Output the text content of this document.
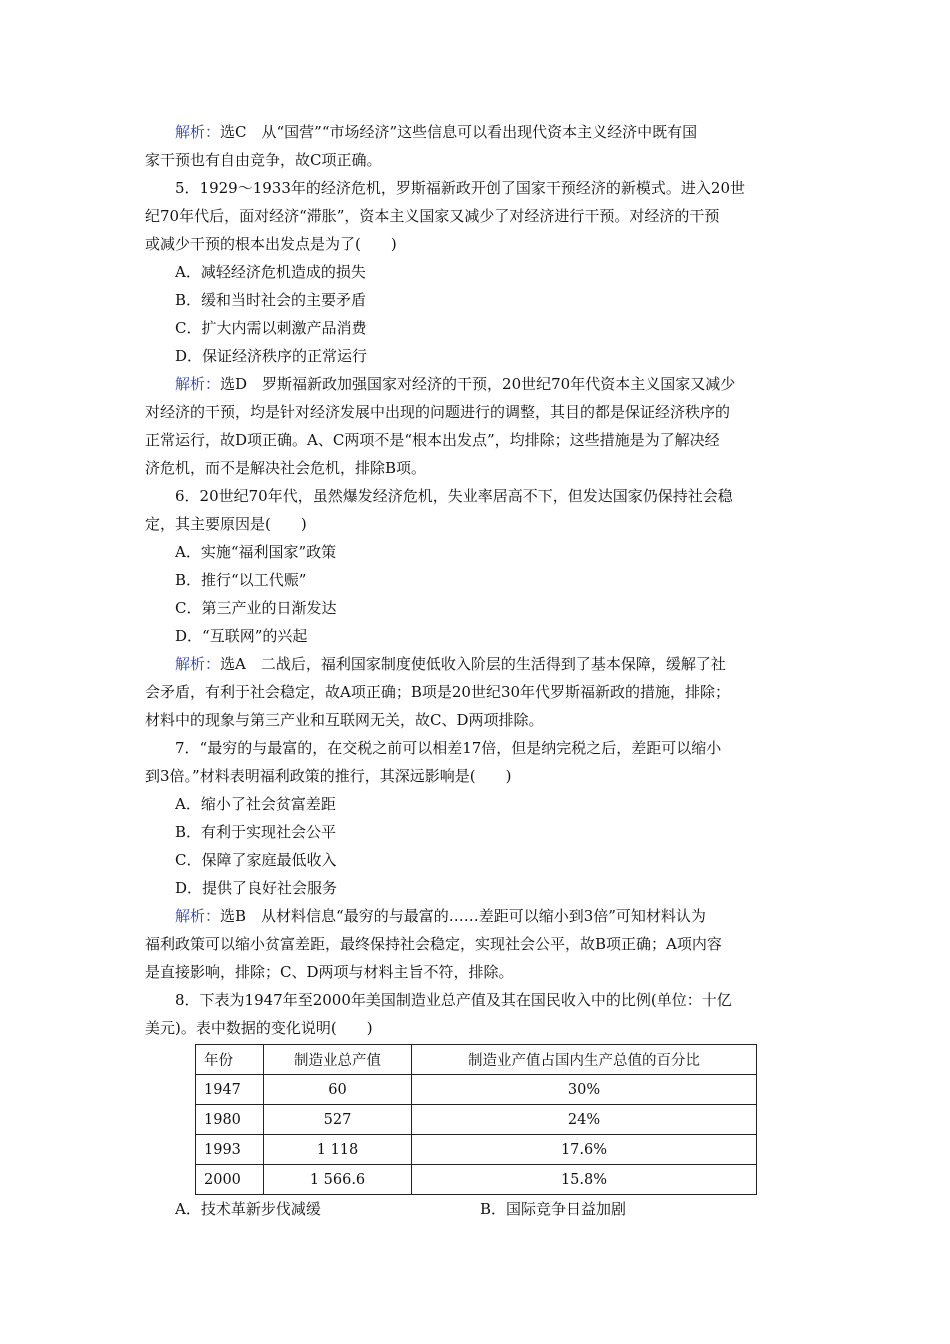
解析：选C　从“国营”“市场经济”这些信息可以看出现代资本主义经济中既有国
家干预也有自由竞争，故C项正确。
5．1929～1933年的经济危机，罗斯福新政开创了国家干预经济的新模式。进入20世
纪70年代后，面对经济“滞胀”，资本主义国家又减少了对经济进行干预。对经济的干预
或减少干预的根本出发点是为了(　　)
A．减轻经济危机造成的损失
B．缓和当时社会的主要矛盾
C．扩大内需以刺激产品消费
D．保证经济秩序的正常运行
解析：选D　罗斯福新政加强国家对经济的干预，20世纪70年代资本主义国家又减少
对经济的干预，均是针对经济发展中出现的问题进行的调整，其目的都是保证经济秩序的
正常运行，故D项正确。A、C两项不是“根本出发点”，均排除；这些措施是为了解决经
济危机，而不是解决社会危机，排除B项。
6．20世纪70年代，虽然爆发经济危机，失业率居高不下，但发达国家仍保持社会稳
定，其主要原因是(　　)
A．实施“福利国家”政策
B．推行“以工代赈”
C．第三产业的日渐发达
D．“互联网”的兴起
解析：选A　二战后，福利国家制度使低收入阶层的生活得到了基本保障，缓解了社
会矛盾，有利于社会稳定，故A项正确；B项是20世纪30年代罗斯福新政的措施，排除；
材料中的现象与第三产业和互联网无关，故C、D两项排除。
7．“最穷的与最富的，在交税之前可以相差17倍，但是纳完税之后，差距可以缩小
到3倍。”材料表明福利政策的推行，其深远影响是(　　)
A．缩小了社会贫富差距
B．有利于实现社会公平
C．保障了家庭最低收入
D．提供了良好社会服务
解析：选B　从材料信息“最穷的与最富的……差距可以缩小到3倍”可知材料认为
福利政策可以缩小贫富差距，最终保持社会稳定，实现社会公平，故B项正确；A项内容
是直接影响，排除；C、D两项与材料主旨不符，排除。
8．下表为1947年至2000年美国制造业总产值及其在国民收入中的比例(单位：十亿
美元)。表中数据的变化说明(　　)
年份	制造业总产值	制造业产值占国内生产总值的百分比
1947	60	30%
1980	527	24%
1993	1 118	17.6%
2000	1 566.6	15.8%
A．技术革新步伐减缓	B．国际竞争日益加剧
